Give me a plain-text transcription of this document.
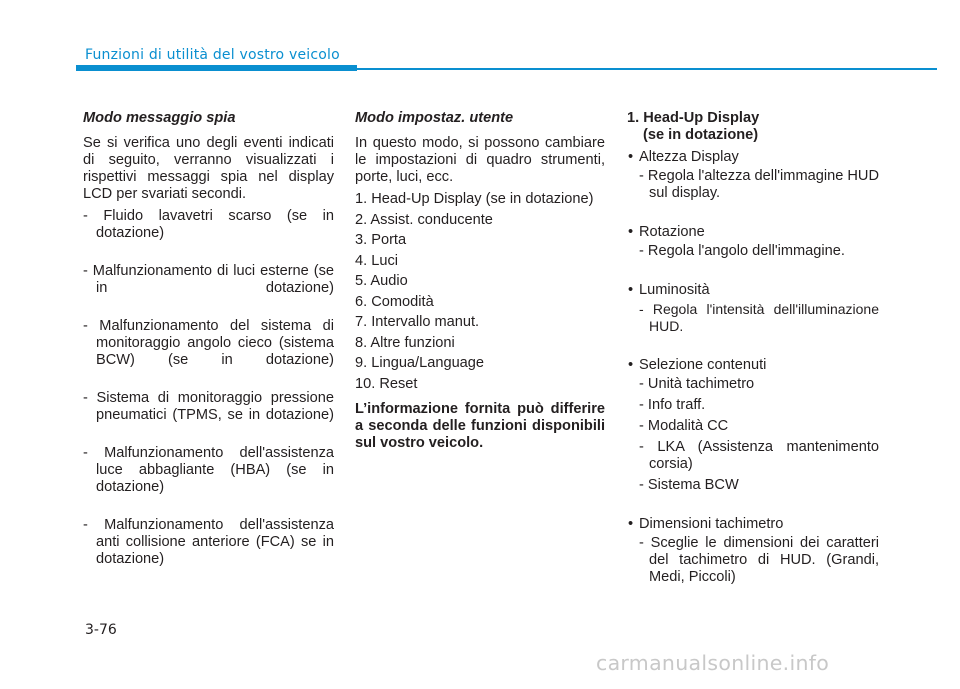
Funzioni di utilità del vostro veicolo
Modo messaggio spia
Se si verifica uno degli eventi indicati di seguito, verranno visualizzati i rispettivi messaggi spia nel display LCD per svariati secondi.
- Fluido lavavetri scarso (se in dotazione)
- Malfunzionamento di luci esterne (se in dotazione)
- Malfunzionamento del sistema di monitoraggio angolo cieco (sistema BCW) (se in dotazione)
- Sistema di monitoraggio pressione pneumatici (TPMS, se in dotazione)
- Malfunzionamento dell'assistenza luce abbagliante (HBA) (se in dotazione)
- Malfunzionamento dell'assistenza anti collisione anteriore (FCA) se in dotazione)
Modo impostaz. utente
In questo modo, si possono cambiare le impostazioni di quadro strumenti, porte, luci, ecc.
1. Head-Up Display (se in dotazione)
2. Assist. conducente
3. Porta
4. Luci
5. Audio
6. Comodità
7. Intervallo manut.
8. Altre funzioni
9. Lingua/Language
10. Reset
L’informazione fornita può differire a seconda delle funzioni disponibili sul vostro veicolo.
1. Head-Up Display
(se in dotazione)
• Altezza Display
- Regola l'altezza dell'immagine HUD sul display.
• Rotazione
- Regola l'angolo dell'immagine.
• Luminosità
- Regola l'intensità dell'illuminazione HUD.
• Selezione contenuti
- Unità tachimetro
- Info traff.
- Modalità CC
- LKA (Assistenza mantenimento corsia)
- Sistema BCW
• Dimensioni tachimetro
- Sceglie le dimensioni dei caratteri del tachimetro di HUD. (Grandi, Medi, Piccoli)
3-76
carmanualsonline.info
